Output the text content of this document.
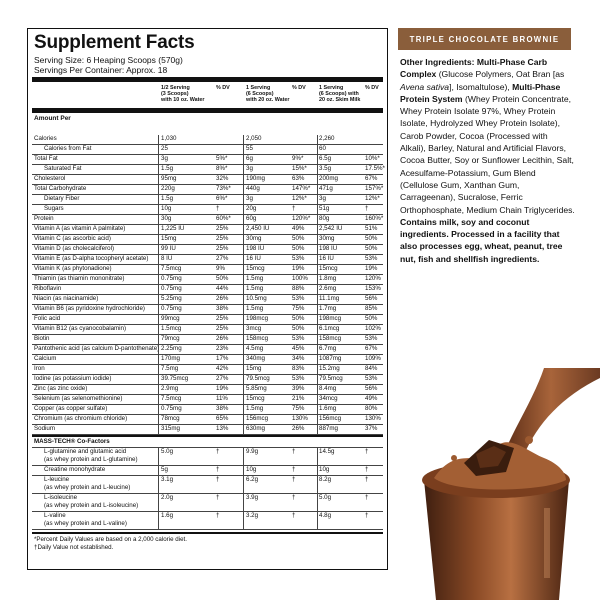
Supplement Facts
Serving Size: 6 Heaping Scoops (570g)
Servings Per Container: Approx. 18
1/2 Serving
(3 Scoops)
with 10 oz. Water
% DV	1 Serving
(6 Scoops)
with 20 oz. Water
% DV 1 Serving
(6 Scoops) with
20 oz. Skim Milk
% DV
Amount Per
Calories	1,030	2,050	2,260
Calories from Fat	25	55	60
Total Fat	3g	5%*	6g	9%*	6.5g	10%*
Saturated Fat	1.5g	8%*	3g	15%* 3.5g	17.5%*
Cholesterol	95mg	32%	190mg	63% 200mg	67%
Total Carbohydrate	220g	73%* 440g	147%* 471g	157%*
Dietary Fiber	1.5g	6%*	3g	12%* 3g	12%*
Sugars	10g	†	20g	†	51g	†
Protein	30g	60%* 60g	120%* 80g	160%*
Vitamin A (as vitamin A palmitate)	1,225 IU	25%	2,450 IU	49% 2,542 IU	51%
Vitamin C (as ascorbic acid)	15mg	25%	30mg	50% 30mg	50%
Vitamin D (as cholecalciferol)	99 IU	25%	198 IU	50% 198 IU	50%
Vitamin E (as D-alpha tocopheryl acetate) 8 IU	27%	16 IU	53% 16 IU	53%
Vitamin K (as phytonadione)	7.5mcg	9%	15mcg	19% 15mcg	19%
Thiamin (as thiamin mononitrate)	0.75mg	50%	1.5mg	100% 1.8mg	120%
Riboflavin	0.75mg	44%	1.5mg	88% 2.6mg	153%
Niacin (as niacinamide)	5.25mg	26%	10.5mg	53% 11.1mg	56%
Vitamin B6 (as pyridoxine hydrochloride)	0.75mg	38%	1.5mg	75% 1.7mg	85%
Folic acid	99mcg	25%	198mcg	50% 198mcg	50%
Vitamin B12 (as cyanocobalamin)	1.5mcg	25%	3mcg	50% 6.1mcg	102%
Biotin	79mcg	26%	158mcg	53% 158mcg	53%
Pantothenic acid (as calcium D-pantothenate) 2.25mg	23%	4.5mg	45% 6.7mg	67%
Calcium	170mg	17%	340mg	34% 1087mg	109%
Iron	7.5mg	42%	15mg	83% 15.2mg	84%
Iodine (as potassium iodide)	39.75mcg	27%	79.5mcg	53% 79.5mcg	53%
Zinc (as zinc oxide)	2.9mg	19%	5.85mg	39% 8.4mg	56%
Selenium (as selenomethionine)	7.5mcg	11%	15mcg	21% 34mcg	49%
Copper (as copper sulfate)	0.75mg	38%	1.5mg	75% 1.6mg	80%
Chromium (as chromium chloride)	78mcg	65%	156mcg	130% 156mcg	130%
Sodium	315mg	13%	630mg	26% 887mg	37%
MASS-TECH® Co-Factors
L-glutamine and glutamic acid
(as whey protein and L-glutamine)
5.0g	†	9.9g	†	14.5g	†
Creatine monohydrate	5g	†	10g	†	10g	†
L-leucine
(as whey protein and L-leucine)
3.1g	†	6.2g	†	8.2g	†
L-isoleucine
(as whey protein and L-isoleucine)
2.0g	†	3.9g	†	5.0g	†
L-valine
(as whey protein and L-valine)
1.6g	†	3.2g	†	4.8g	†
*Percent Daily Values are based on a 2,000 calorie diet.
†Daily Value not established.
TRIPLE CHOCOLATE BROWNIE
Other Ingredients: Multi-Phase Carb Complex (Glucose Polymers, Oat Bran [as Avena sativa], Isomaltulose), Multi-Phase Protein System (Whey Protein Concentrate, Whey Protein Isolate 97%, Whey Protein Isolate, Hydrolyzed Whey Protein Isolate), Carob Powder, Cocoa (Processed with Alkali), Barley, Natural and Artificial Flavors, Cocoa Butter, Soy or Sunflower Lecithin, Salt, Acesulfame-Potassium, Gum Blend (Cellulose Gum, Xanthan Gum, Carrageenan), Sucralose, Ferric Orthophosphate, Medium Chain Triglycerides. Contains milk, soy and coconut ingredients. Processed in a facility that also processes egg, wheat, peanut, tree nut, fish and shellfish ingredients.
